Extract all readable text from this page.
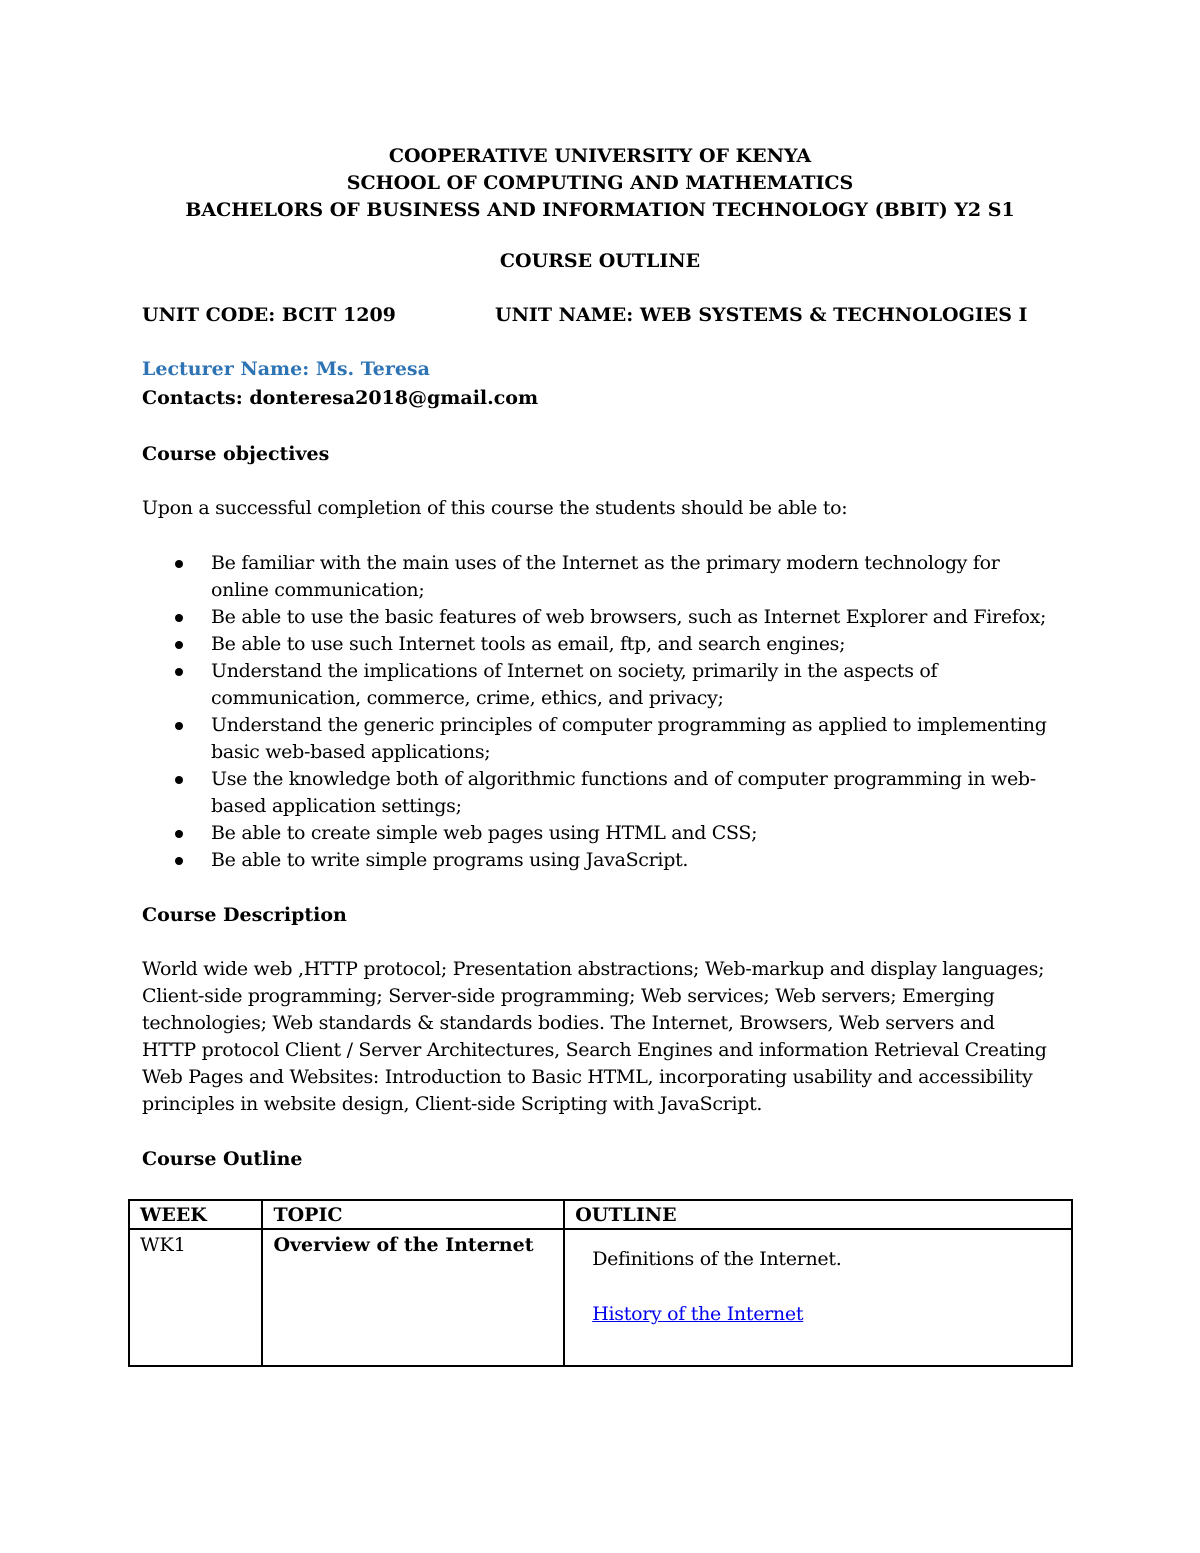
COOPERATIVE UNIVERSITY OF KENYA
SCHOOL OF COMPUTING AND MATHEMATICS
BACHELORS OF BUSINESS AND INFORMATION TECHNOLOGY (BBIT) Y2 S1
COURSE OUTLINE
UNIT CODE: BCIT 1209	UNIT NAME: WEB SYSTEMS & TECHNOLOGIES I
Lecturer Name: Ms. Teresa
Contacts: donteresa2018@gmail.com
Course objectives
Upon a successful completion of this course the students should be able to:
Be familiar with the main uses of the Internet as the primary modern technology for
online communication;
Be able to use the basic features of web browsers, such as Internet Explorer and Firefox;
Be able to use such Internet tools as email, ftp, and search engines;
Understand the implications of Internet on society, primarily in the aspects of
communication, commerce, crime, ethics, and privacy;
Understand the generic principles of computer programming as applied to implementing
basic web-based applications;
Use the knowledge both of algorithmic functions and of computer programming in web-
based application settings;
Be able to create simple web pages using HTML and CSS;
Be able to write simple programs using JavaScript.
Course Description
World wide web ,HTTP protocol; Presentation abstractions; Web-markup and display languages;
Client-side programming; Server-side programming; Web services; Web servers; Emerging
technologies; Web standards & standards bodies. The Internet, Browsers, Web servers and
HTTP protocol Client / Server Architectures, Search Engines and information Retrieval Creating
Web Pages and Websites: Introduction to Basic HTML, incorporating usability and accessibility
principles in website design, Client-side Scripting with JavaScript.
Course Outline
WEEK	TOPIC	OUTLINE
WK1	Overview of the Internet	Definitions of the Internet.

History of the Internet
